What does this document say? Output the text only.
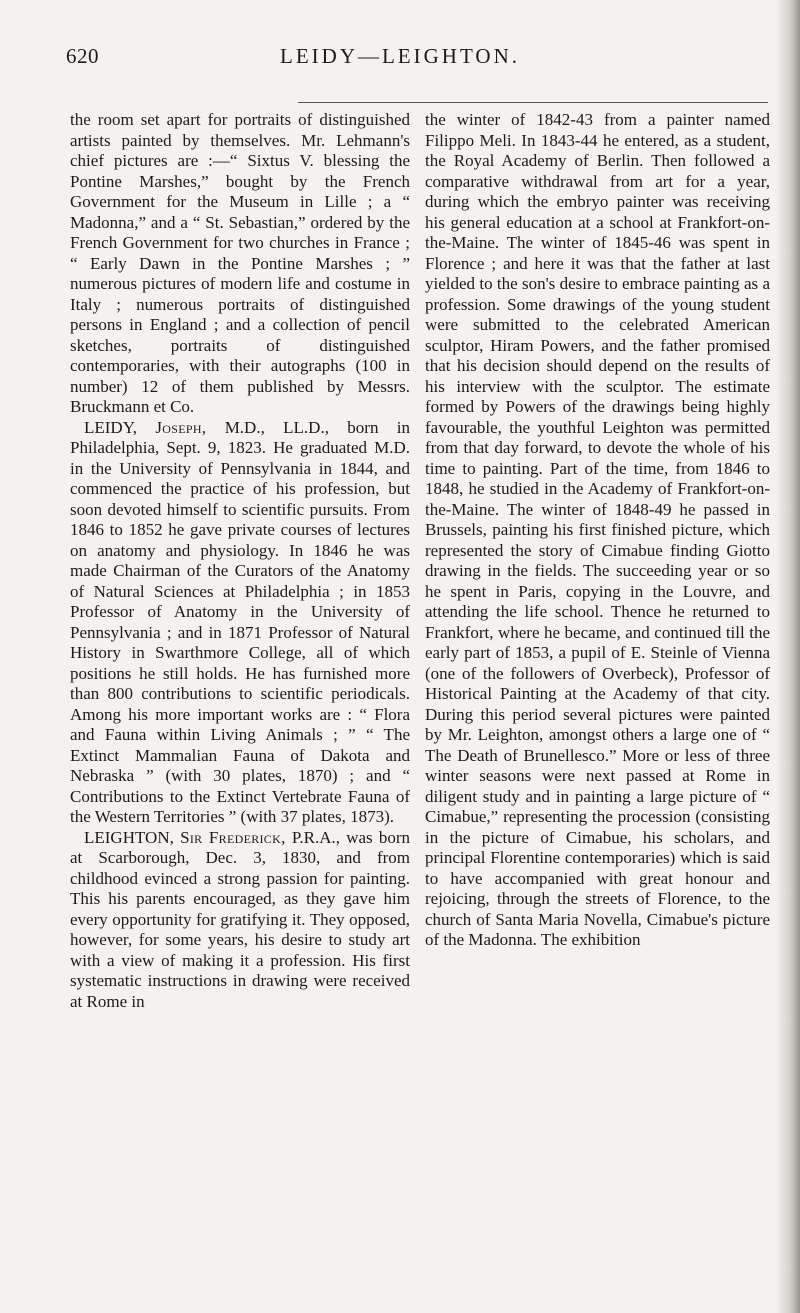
620	LEIDY—LEIGHTON.

the room set apart for portraits of distinguished artists painted by themselves. Mr. Lehmann's chief pictures are :—“ Sixtus V. blessing the Pontine Marshes,” bought by the French Government for the Museum in Lille ; a “ Madonna,” and a “ St. Sebastian,” ordered by the French Government for two churches in France ; “ Early Dawn in the Pontine Marshes ; ” numerous pictures of modern life and costume in Italy ; numerous portraits of distinguished persons in England ; and a collection of pencil sketches, portraits of distinguished contemporaries, with their autographs (100 in number) 12 of them published by Messrs. Bruckmann et Co.

LEIDY, Joseph, M.D., LL.D., born in Philadelphia, Sept. 9, 1823. He graduated M.D. in the University of Pennsylvania in 1844, and commenced the practice of his profession, but soon devoted himself to scientific pursuits. From 1846 to 1852 he gave private courses of lectures on anatomy and physiology. In 1846 he was made Chairman of the Curators of the Anatomy of Natural Sciences at Philadelphia ; in 1853 Professor of Anatomy in the University of Pennsylvania ; and in 1871 Professor of Natural History in Swarthmore College, all of which positions he still holds. He has furnished more than 800 contributions to scientific periodicals. Among his more important works are : “ Flora and Fauna within Living Animals ; ” “ The Extinct Mammalian Fauna of Dakota and Nebraska ” (with 30 plates, 1870) ; and “ Contributions to the Extinct Vertebrate Fauna of the Western Territories ” (with 37 plates, 1873).

LEIGHTON, Sir Frederick, P.R.A., was born at Scarborough, Dec. 3, 1830, and from childhood evinced a strong passion for painting. This his parents encouraged, as they gave him every opportunity for gratifying it. They opposed, however, for some years, his desire to study art with a view of making it a profession. His first systematic instructions in drawing were received at Rome in

the winter of 1842-43 from a painter named Filippo Meli. In 1843-44 he entered, as a student, the Royal Academy of Berlin. Then followed a comparative withdrawal from art for a year, during which the embryo painter was receiving his general education at a school at Frankfort-on-the-Maine. The winter of 1845-46 was spent in Florence ; and here it was that the father at last yielded to the son's desire to embrace painting as a profession. Some drawings of the young student were submitted to the celebrated American sculptor, Hiram Powers, and the father promised that his decision should depend on the results of his interview with the sculptor. The estimate formed by Powers of the drawings being highly favourable, the youthful Leighton was permitted from that day forward, to devote the whole of his time to painting. Part of the time, from 1846 to 1848, he studied in the Academy of Frankfort-on-the-Maine. The winter of 1848-49 he passed in Brussels, painting his first finished picture, which represented the story of Cimabue finding Giotto drawing in the fields. The succeeding year or so he spent in Paris, copying in the Louvre, and attending the life school. Thence he returned to Frankfort, where he became, and continued till the early part of 1853, a pupil of E. Steinle of Vienna (one of the followers of Overbeck), Professor of Historical Painting at the Academy of that city. During this period several pictures were painted by Mr. Leighton, amongst others a large one of “ The Death of Brunellesco.” More or less of three winter seasons were next passed at Rome in diligent study and in painting a large picture of “ Cimabue,” representing the procession (consisting in the picture of Cimabue, his scholars, and principal Florentine contemporaries) which is said to have accompanied with great honour and rejoicing, through the streets of Florence, to the church of Santa Maria Novella, Cimabue's picture of the Madonna. The exhibition
